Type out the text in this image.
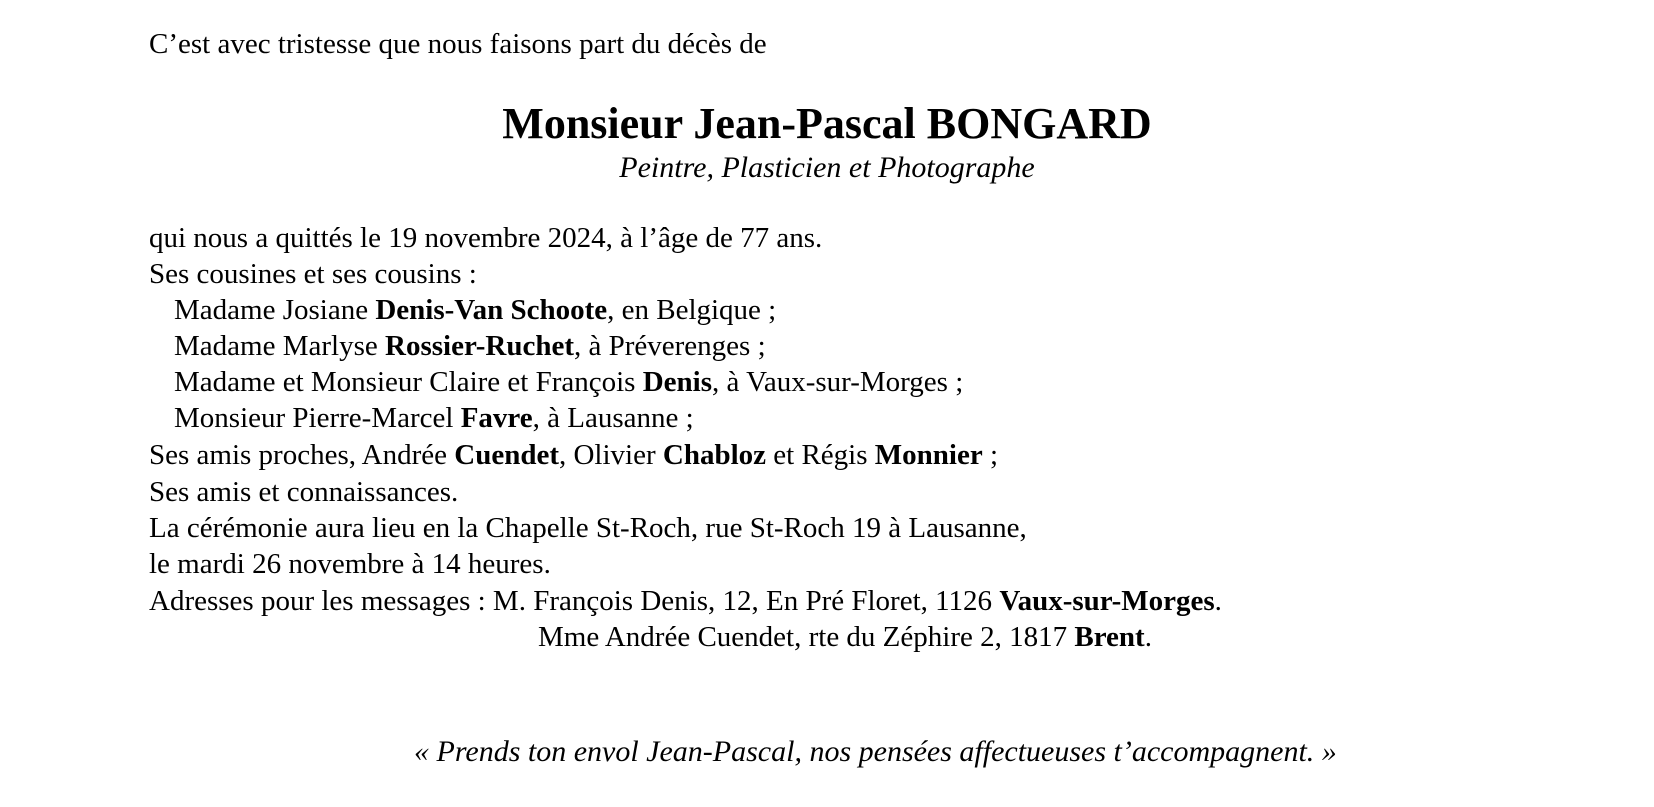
C’est avec tristesse que nous faisons part du décès de
Monsieur Jean-Pascal BONGARD
Peintre, Plasticien et Photographe
qui nous a quittés le 19 novembre 2024, à l’âge de 77 ans.
Ses cousines et ses cousins :
Madame Josiane Denis-Van Schoote, en Belgique ;
Madame Marlyse Rossier-Ruchet, à Préverenges ;
Madame et Monsieur Claire et François Denis, à Vaux-sur-Morges ;
Monsieur Pierre-Marcel Favre, à Lausanne ;
Ses amis proches, Andrée Cuendet, Olivier Chabloz et Régis Monnier ;
Ses amis et connaissances.
La cérémonie aura lieu en la Chapelle St-Roch, rue St-Roch 19 à Lausanne,
le mardi 26 novembre à 14 heures.
Adresses pour les messages : M. François Denis, 12, En Pré Floret, 1126 Vaux-sur-Morges.
Mme Andrée Cuendet, rte du Zéphire 2, 1817 Brent.
« Prends ton envol Jean-Pascal, nos pensées affectueuses t’accompagnent. »
